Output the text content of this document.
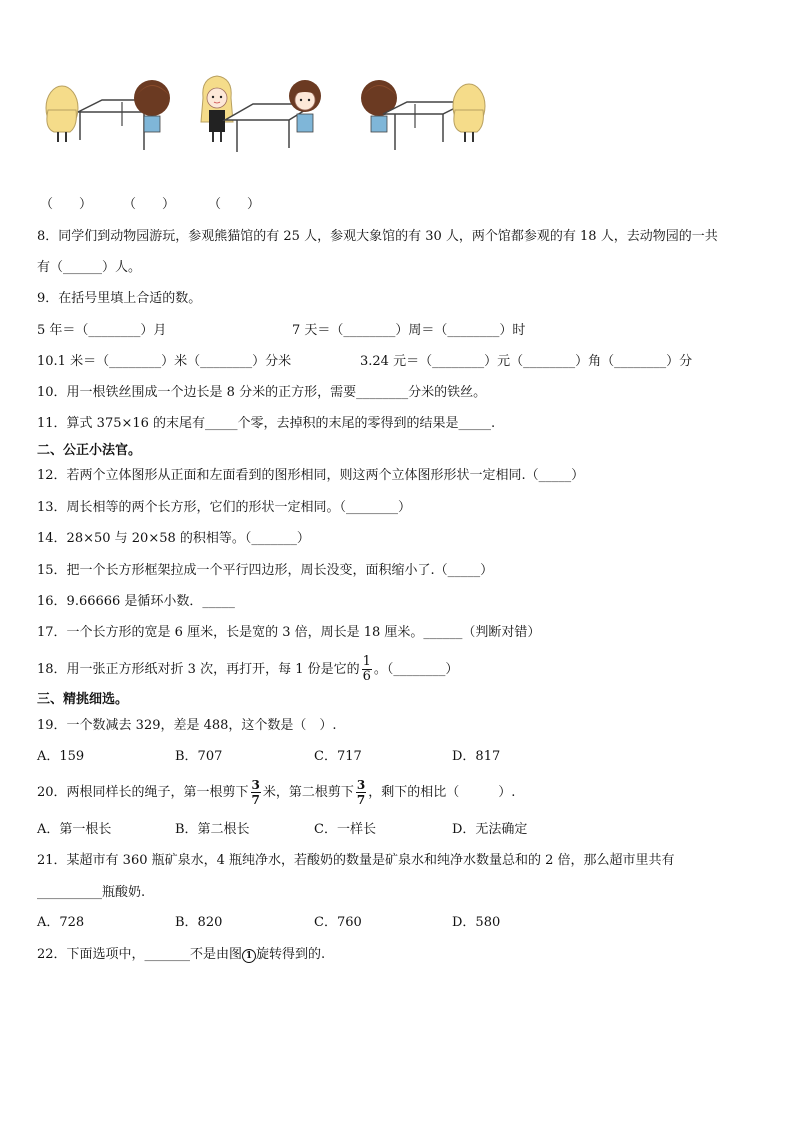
（　　） （　　）	（　　）
8．同学们到动物园游玩，参观熊猫馆的有 25 人，参观大象馆的有 30 人，两个馆都参观的有 18 人，去动物园的一共
有（______）人。
9．在括号里填上合适的数。
5 年＝（________）月	7 天＝（________）周＝（________）时
10.1 米＝（________）米（________）分米	3.24 元＝（________）元（________）角（________）分
10．用一根铁丝围成一个边长是 8 分米的正方形，需要________分米的铁丝。
11．算式 375×16 的末尾有_____个零，去掉积的末尾的零得到的结果是_____.
二、公正小法官。
12．若两个立体图形从正面和左面看到的图形相同，则这两个立体图形形状一定相同.（_____）
13．周长相等的两个长方形，它们的形状一定相同。（________）
14．28×50 与 20×58 的积相等。（_______）
15．把一个长方形框架拉成一个平行四边形，周长没变，面积缩小了.（_____）
16．9.66666 是循环小数．_____
17．一个长方形的宽是 6 厘米，长是宽的 3 倍，周长是 18 厘米。______（判断对错）
18．用一张正方形纸对折 3 次，再打开，每 1 份是它的 $\frac{1}{6}$ 。（________）
三、精挑细选。
19．一个数减去 329，差是 488，这个数是（　）.
A．159	B．707	C．717	D．817
20．两根同样长的绳子，第一根剪下 $\frac{3}{7}$ 米，第二根剪下 $\frac{3}{7}$ ，剩下的相比（　　　）.
A．第一根长	B．第二根长	C．一样长	D．无法确定
21．某超市有 360 瓶矿泉水，4 瓶纯净水，若酸奶的数量是矿泉水和纯净水数量总和的 2 倍，那么超市里共有
__________瓶酸奶.
A．728	B．820	C．760	D．580
22．下面选项中，_______不是由图 1 旋转得到的.
